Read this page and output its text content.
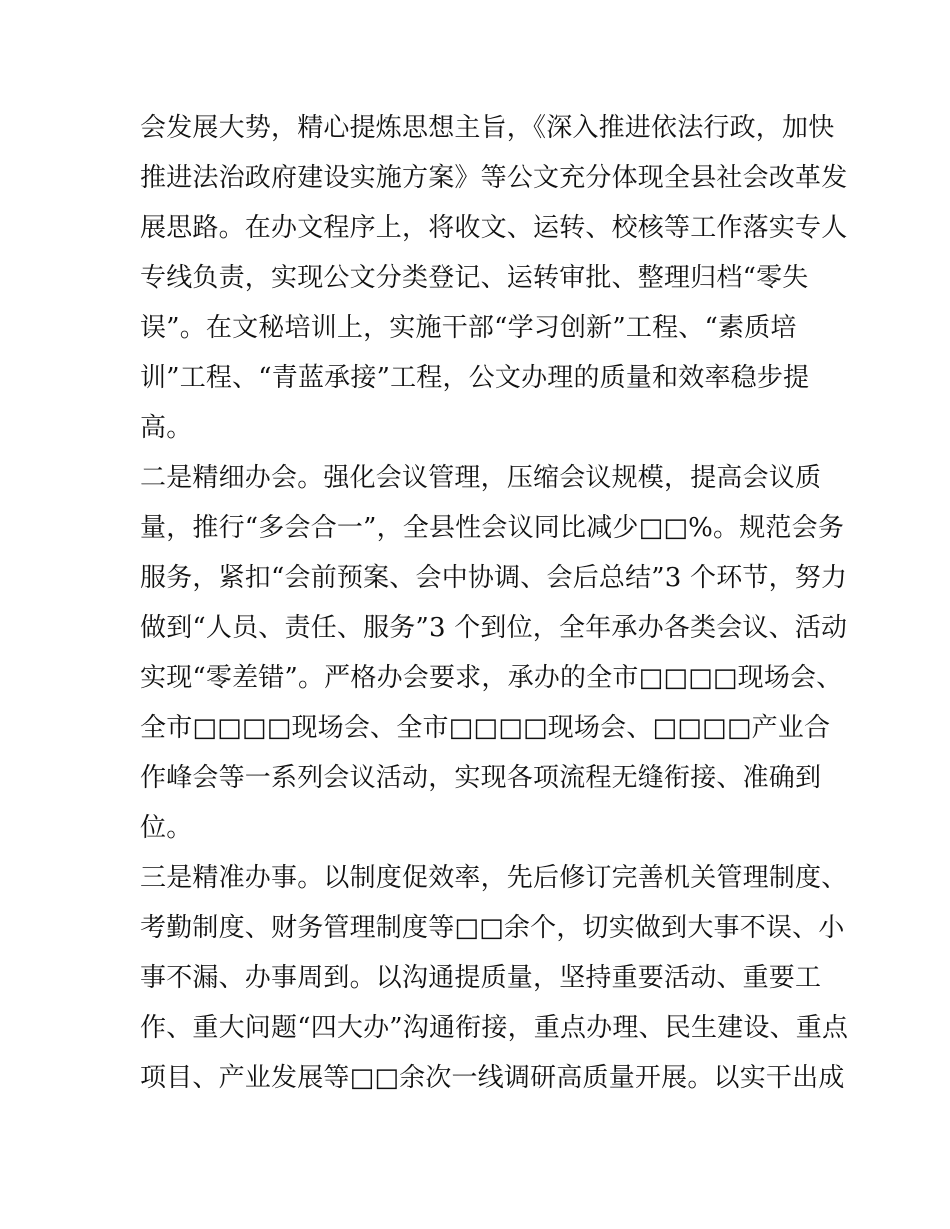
会发展大势，精心提炼思想主旨，《深入推进依法行政，加快
推进法治政府建设实施方案》等公文充分体现全县社会改革发
展思路。在办文程序上，将收文、运转、校核等工作落实专人
专线负责，实现公文分类登记、运转审批、整理归档“零失
误”。在文秘培训上，实施干部“学习创新”工程、“素质培
训”工程、“青蓝承接”工程，公文办理的质量和效率稳步提
高。
二是精细办会。强化会议管理，压缩会议规模，提高会议质
量，推行“多会合一”，全县性会议同比减少□□%。规范会务
服务，紧扣“会前预案、会中协调、会后总结”3 个环节，努力
做到“人员、责任、服务”3 个到位，全年承办各类会议、活动
实现“零差错”。严格办会要求，承办的全市□□□□现场会、
全市□□□□现场会、全市□□□□现场会、□□□□产业合
作峰会等一系列会议活动，实现各项流程无缝衔接、准确到
位。
三是精准办事。以制度促效率，先后修订完善机关管理制度、
考勤制度、财务管理制度等□□余个，切实做到大事不误、小
事不漏、办事周到。以沟通提质量，坚持重要活动、重要工
作、重大问题“四大办”沟通衔接，重点办理、民生建设、重点
项目、产业发展等□□余次一线调研高质量开展。以实干出成
